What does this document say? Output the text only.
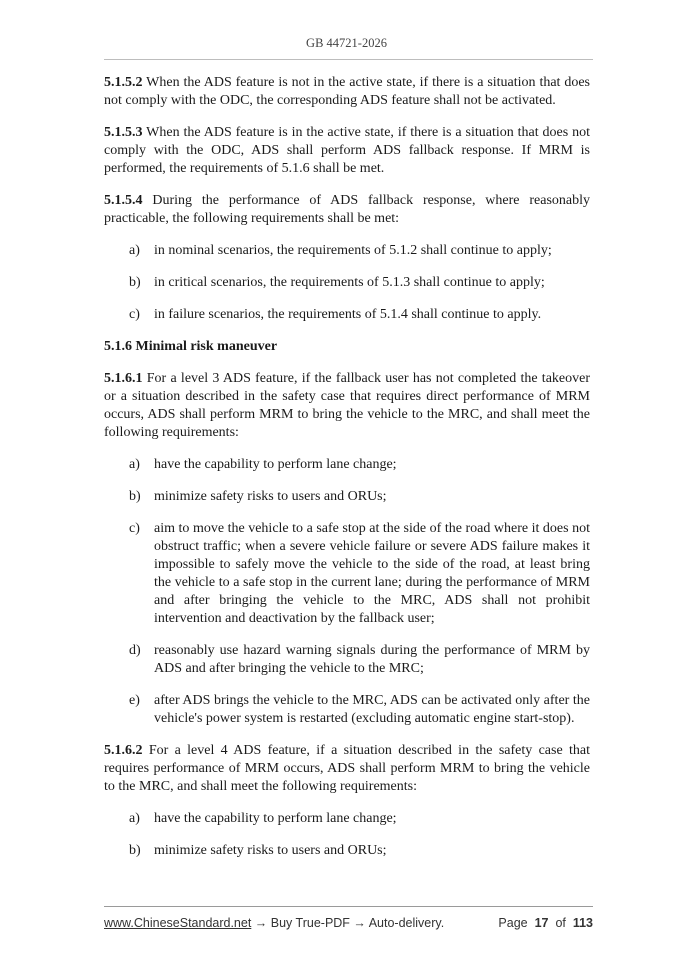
GB 44721-2026

5.1.5.2 When the ADS feature is not in the active state, if there is a situation that does not comply with the ODC, the corresponding ADS feature shall not be activated.

5.1.5.3 When the ADS feature is in the active state, if there is a situation that does not comply with the ODC, ADS shall perform ADS fallback response. If MRM is performed, the requirements of 5.1.6 shall be met.

5.1.5.4 During the performance of ADS fallback response, where reasonably practicable, the following requirements shall be met:

a) in nominal scenarios, the requirements of 5.1.2 shall continue to apply;
b) in critical scenarios, the requirements of 5.1.3 shall continue to apply;
c) in failure scenarios, the requirements of 5.1.4 shall continue to apply.

5.1.6 Minimal risk maneuver

5.1.6.1 For a level 3 ADS feature, if the fallback user has not completed the takeover or a situation described in the safety case that requires direct performance of MRM occurs, ADS shall perform MRM to bring the vehicle to the MRC, and shall meet the following requirements:

a) have the capability to perform lane change;
b) minimize safety risks to users and ORUs;
c) aim to move the vehicle to a safe stop at the side of the road where it does not obstruct traffic; when a severe vehicle failure or severe ADS failure makes it impossible to safely move the vehicle to the side of the road, at least bring the vehicle to a safe stop in the current lane; during the performance of MRM and after bringing the vehicle to the MRC, ADS shall not prohibit intervention and deactivation by the fallback user;
d) reasonably use hazard warning signals during the performance of MRM by ADS and after bringing the vehicle to the MRC;
e) after ADS brings the vehicle to the MRC, ADS can be activated only after the vehicle's power system is restarted (excluding automatic engine start-stop).

5.1.6.2 For a level 4 ADS feature, if a situation described in the safety case that requires performance of MRM occurs, ADS shall perform MRM to bring the vehicle to the MRC, and shall meet the following requirements:

a) have the capability to perform lane change;
b) minimize safety risks to users and ORUs;
www.ChineseStandard.net → Buy True-PDF → Auto-delivery.	Page 17 of 113
